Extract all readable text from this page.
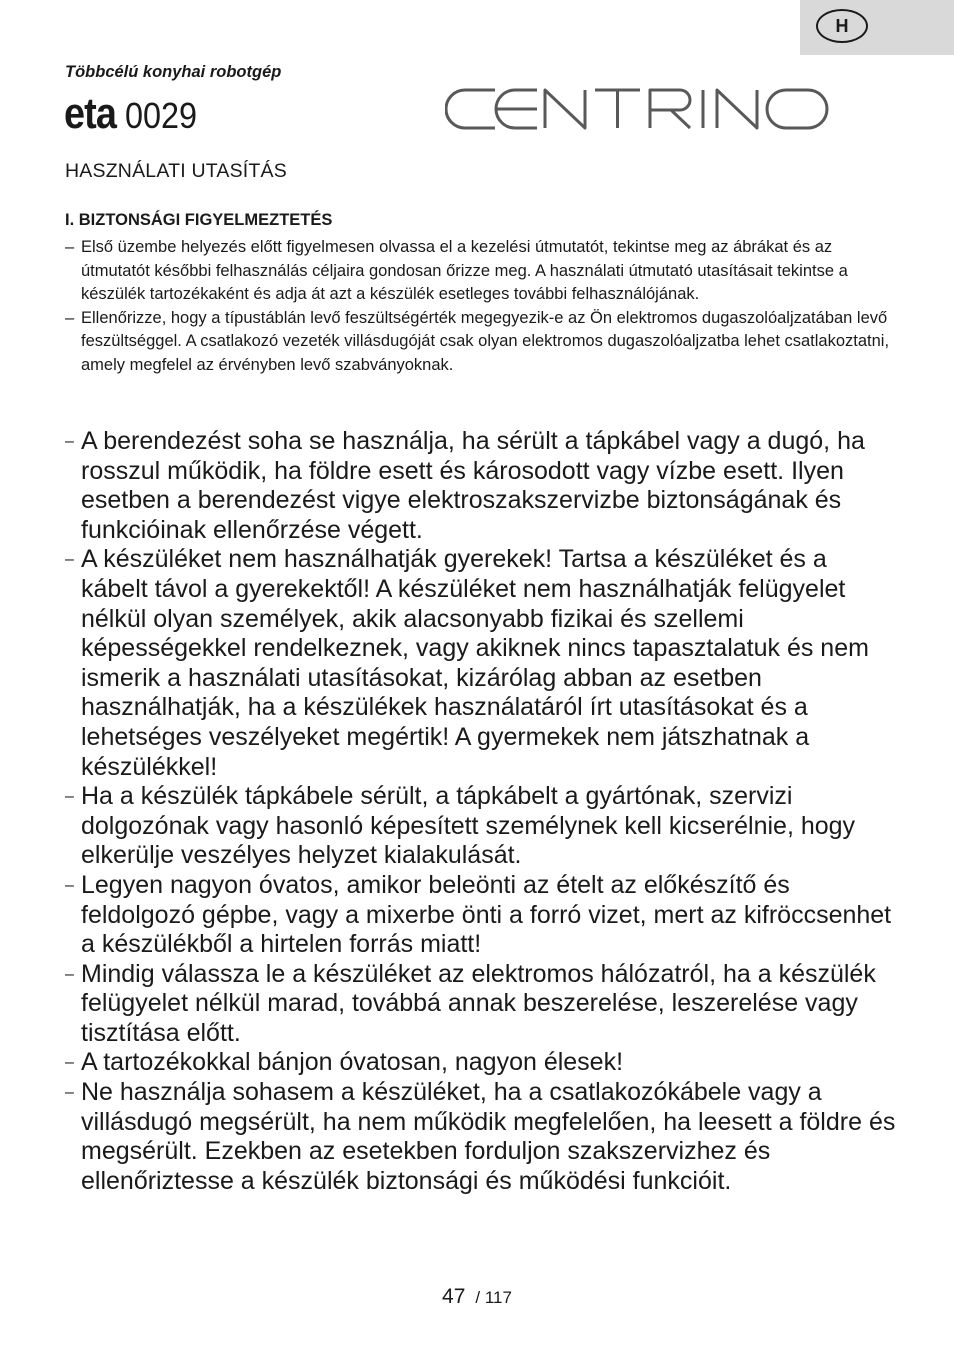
H
Többcélú konyhai robotgép
eta 0029
HASZNÁLATI UTASÍTÁS
I. BIZTONSÁGI FIGYELMEZTETÉS
– Első üzembe helyezés előtt figyelmesen olvassa el a kezelési útmutatót, tekintse meg az ábrákat és az útmutatót későbbi felhasználás céljaira gondosan őrizze meg. A használati útmutató utasításait tekintse a készülék tartozékaként és adja át azt a készülék esetleges további felhasználójának.
– Ellenőrizze, hogy a típustáblán levő feszültségérték megegyezik-e az Ön elektromos dugaszolóaljzatában levő feszültséggel. A csatlakozó vezeték villásdugóját csak olyan elektromos dugaszolóaljzatba lehet csatlakoztatni, amely megfelel az érvényben levő szabványoknak.
– A berendezést soha se használja, ha sérült a tápkábel vagy a dugó, ha rosszul működik, ha földre esett és károsodott vagy vízbe esett. Ilyen esetben a berendezést vigye elektroszakszervizbe biztonságának és funkcióinak ellenőrzése végett.
– A készüléket nem használhatják gyerekek! Tartsa a készüléket és a kábelt távol a gyerekektől! A készüléket nem használhatják felügyelet nélkül olyan személyek, akik alacsonyabb fizikai és szellemi képességekkel rendelkeznek, vagy akiknek nincs tapasztalatuk és nem ismerik a használati utasításokat, kizárólag abban az esetben használhatják, ha a készülékek használatáról írt utasításokat és a lehetséges veszélyeket megértik! A gyermekek nem játszhatnak a készülékkel!
– Ha a készülék tápkábele sérült, a tápkábelt a gyártónak, szervizi dolgozónak vagy hasonló képesített személynek kell kicserélnie, hogy elkerülje veszélyes helyzet kialakulását.
– Legyen nagyon óvatos, amikor beleönti az ételt az előkészítő és feldolgozó gépbe, vagy a mixerbe önti a forró vizet, mert az kifröccsenhet a készülékből a hirtelen forrás miatt!
– Mindig válassza le a készüléket az elektromos hálózatról, ha a készülék felügyelet nélkül marad, továbbá annak beszerelése, leszerelése vagy tisztítása előtt.
– A tartozékokkal bánjon óvatosan, nagyon élesek!
– Ne használja sohasem a készüléket, ha a csatlakozókábele vagy a villásdugó megsérült, ha nem működik megfelelően, ha leesett a földre és megsérült. Ezekben az esetekben forduljon szakszervizhez és ellenőriztesse a készülék biztonsági és működési funkcióit.
47 / 117
